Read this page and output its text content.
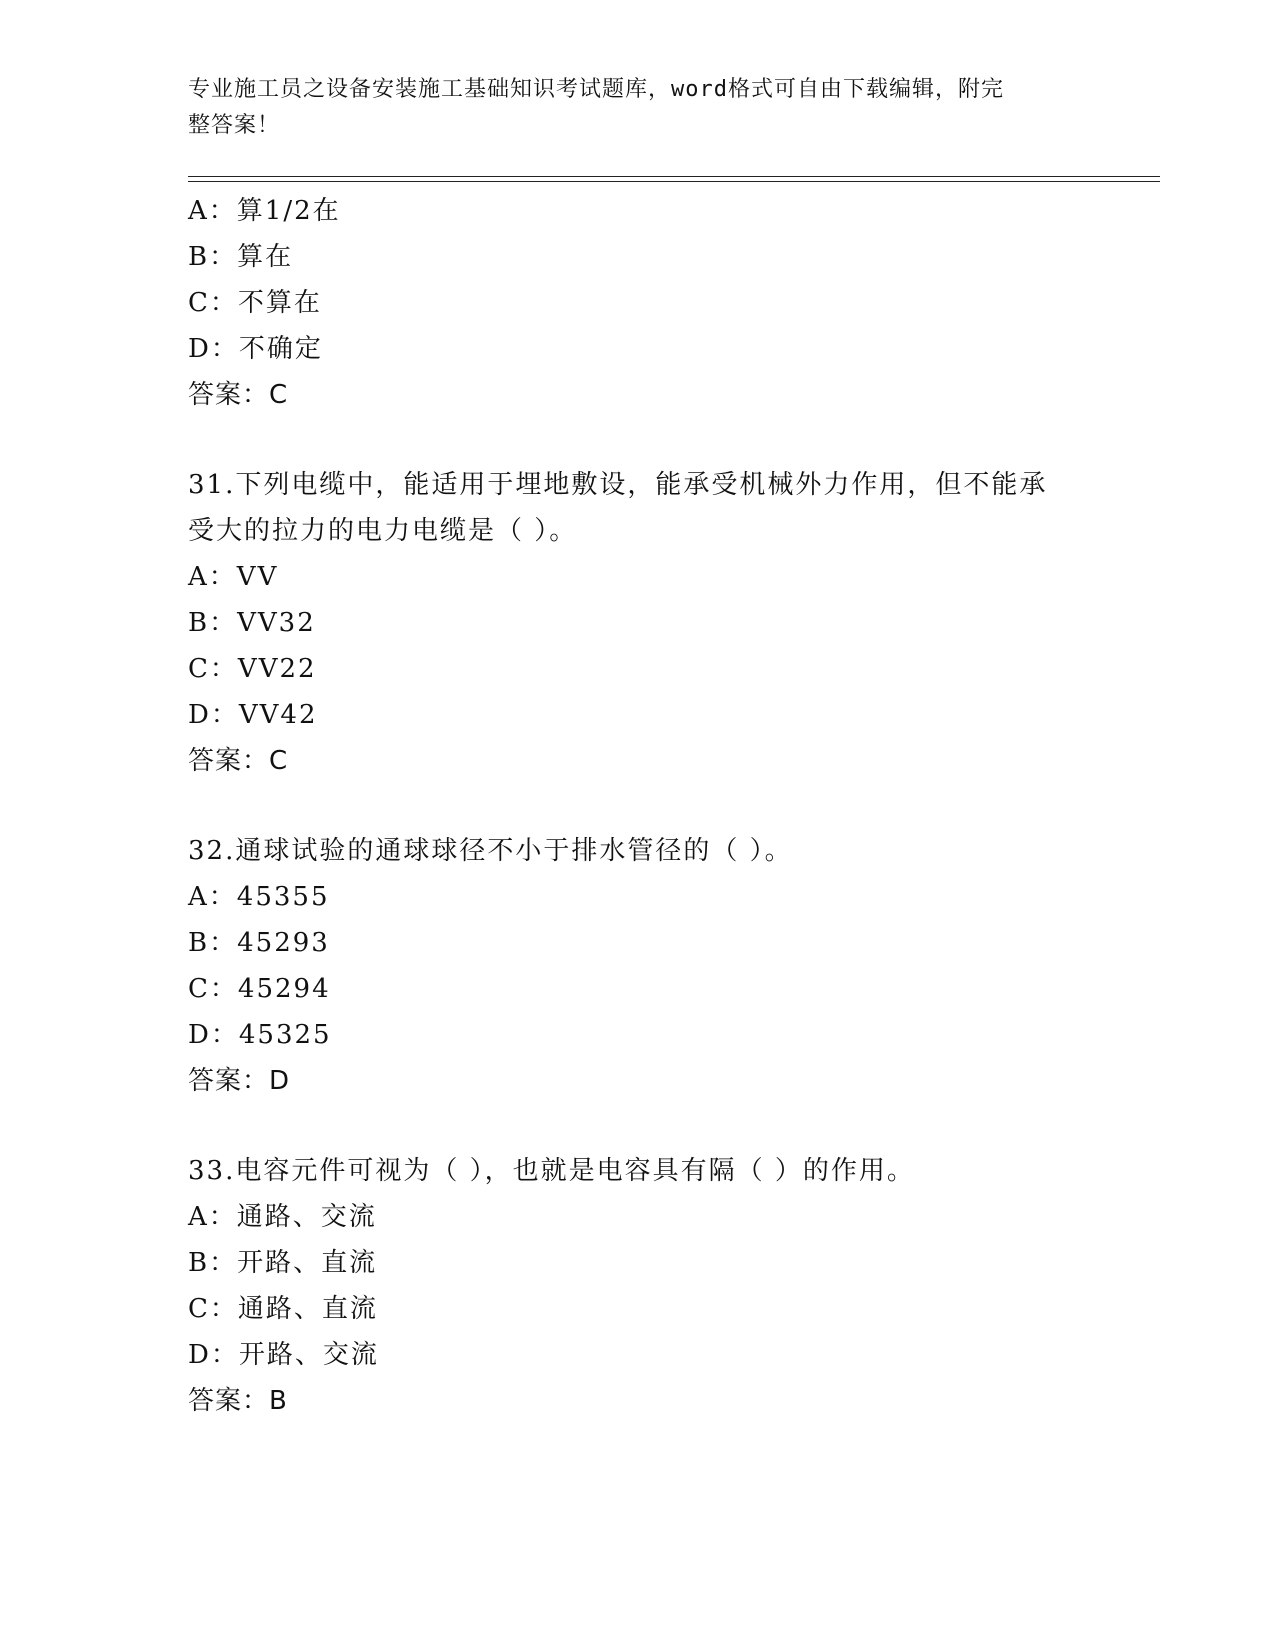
专业施工员之设备安装施工基础知识考试题库，word格式可自由下载编辑，附完
整答案！
A：算1/2在
B：算在
C：不算在
D：不确定
答案：C
31.下列电缆中，能适用于埋地敷设，能承受机械外力作用，但不能承
受大的拉力的电力电缆是（ ）。
A：VV
B：VV32
C：VV22
D：VV42
答案：C
32.通球试验的通球球径不小于排水管径的（ ）。
A：45355
B：45293
C：45294
D：45325
答案：D
33.电容元件可视为（ ），也就是电容具有隔（ ）的作用。
A：通路、交流
B：开路、直流
C：通路、直流
D：开路、交流
答案：B
